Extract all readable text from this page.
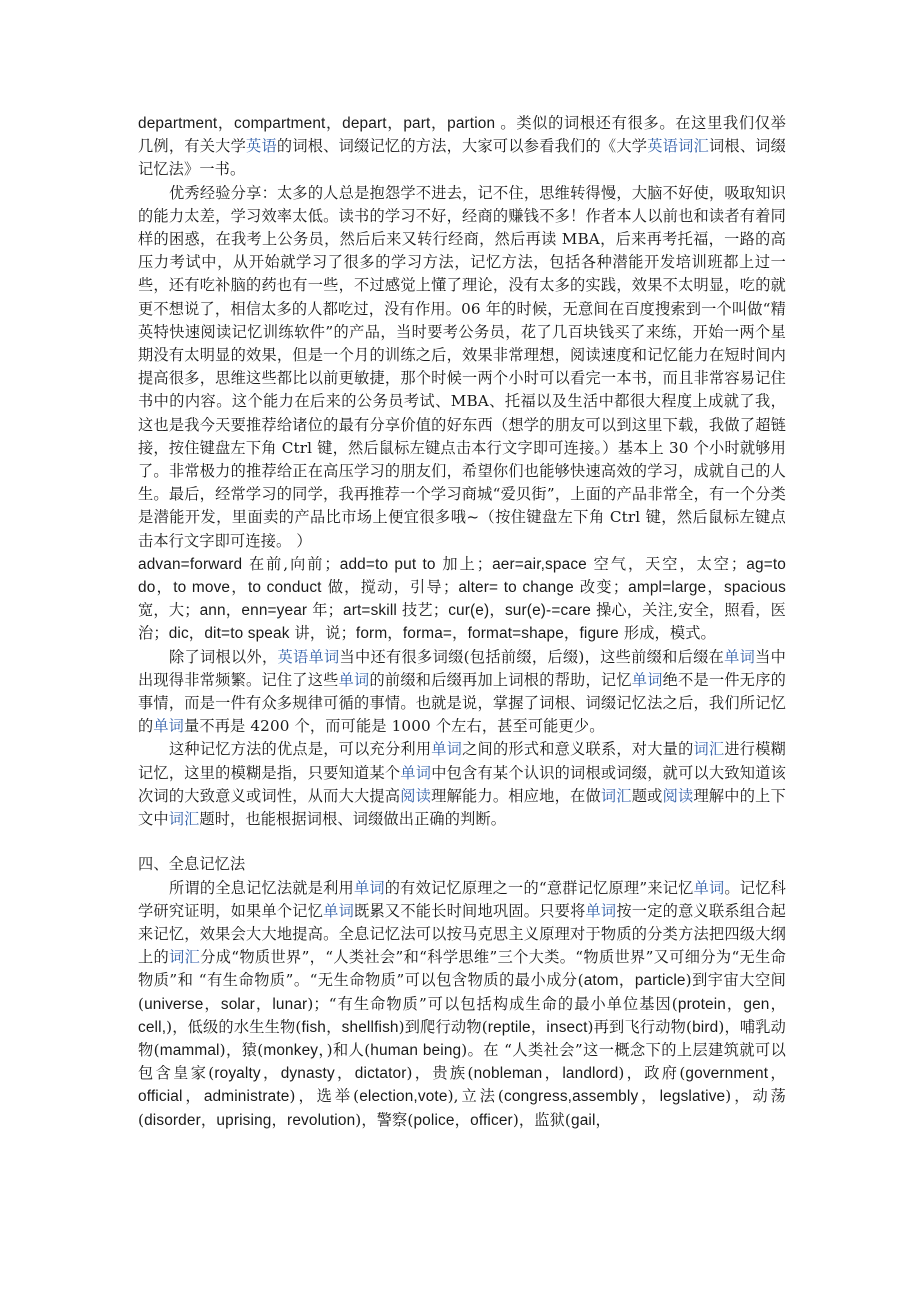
department，compartment，depart，part，partion 。类似的词根还有很多。在这里我们仅举几例，有关大学英语的词根、词缀记忆的方法，大家可以参看我们的《大学英语词汇词根、词缀记忆法》一书。

优秀经验分享：太多的人总是抱怨学不进去，记不住，思维转得慢，大脑不好使，吸取知识的能力太差，学习效率太低。读书的学习不好，经商的赚钱不多！作者本人以前也和读者有着同样的困惑，在我考上公务员，然后后来又转行经商，然后再读 MBA，后来再考托福，一路的高压力考试中，从开始就学习了很多的学习方法，记忆方法，包括各种潜能开发培训班都上过一些，还有吃补脑的药也有一些，不过感觉上懂了理论，没有太多的实践，效果不太明显，吃的就更不想说了，相信太多的人都吃过，没有作用。06 年的时候，无意间在百度搜索到一个叫做“精英特快速阅读记忆训练软件”的产品，当时要考公务员，花了几百块钱买了来练，开始一两个星期没有太明显的效果，但是一个月的训练之后，效果非常理想，阅读速度和记忆能力在短时间内提高很多，思维这些都比以前更敏捷，那个时候一两个小时可以看完一本书，而且非常容易记住书中的内容。这个能力在后来的公务员考试、MBA、托福以及生活中都很大程度上成就了我，这也是我今天要推荐给诸位的最有分享价值的好东西（想学的朋友可以到这里下载，我做了超链接，按住键盘左下角 Ctrl 键，然后鼠标左键点击本行文字即可连接。）基本上 30 个小时就够用了。非常极力的推荐给正在高压学习的朋友们，希望你们也能够快速高效的学习，成就自己的人生。最后，经常学习的同学，我再推荐一个学习商城“爱贝街”，上面的产品非常全，有一个分类是潜能开发，里面卖的产品比市场上便宜很多哦~（按住键盘左下角 Ctrl 键，然后鼠标左键点击本行文字即可连接。 ）

advan=forward 在前,向前；add=to put to 加上；aer=air,space 空气，天空，太空；ag=to do，to move，to conduct 做，搅动，引导；alter= to change 改变；ampl=large，spacious 宽，大；ann，enn=year 年；art=skill 技艺；cur(e)，sur(e)-=care 操心，关注,安全，照看，医治；dic，dit=to speak 讲，说；form，forma=，format=shape，figure 形成，模式。

除了词根以外，英语单词当中还有很多词缀(包括前缀，后缀)，这些前缀和后缀在单词当中出现得非常频繁。记住了这些单词的前缀和后缀再加上词根的帮助，记忆单词绝不是一件无序的事情，而是一件有众多规律可循的事情。也就是说，掌握了词根、词缀记忆法之后，我们所记忆的单词量不再是 4200 个，而可能是 1000 个左右，甚至可能更少。

这种记忆方法的优点是，可以充分利用单词之间的形式和意义联系，对大量的词汇进行模糊记忆，这里的模糊是指，只要知道某个单词中包含有某个认识的词根或词缀，就可以大致知道该次词的大致意义或词性，从而大大提高阅读理解能力。相应地，在做词汇题或阅读理解中的上下文中词汇题时，也能根据词根、词缀做出正确的判断。

四、全息记忆法

所谓的全息记忆法就是利用单词的有效记忆原理之一的“意群记忆原理”来记忆单词。记忆科学研究证明，如果单个记忆单词既累又不能长时间地巩固。只要将单词按一定的意义联系组合起来记忆，效果会大大地提高。全息记忆法可以按马克思主义原理对于物质的分类方法把四级大纲上的词汇分成“物质世界”，“人类社会”和“科学思维”三个大类。“物质世界”又可细分为“无生命物质”和 “有生命物质”。“无生命物质”可以包含物质的最小成分(atom，particle)到宇宙大空间(universe，solar，lunar)；“有生命物质”可以包括构成生命的最小单位基因(protein，gen，cell,)，低级的水生生物(fish，shellfish)到爬行动物(reptile，insect)再到飞行动物(bird)，哺乳动物(mammal)，猿(monkey，)和人(human being)。在 “人类社会”这一概念下的上层建筑就可以包含皇家(royalty，dynasty，dictator)，贵族(nobleman，landlord)，政府(government，official，administrate)，选举(election,vote),立法(congress,assembly，legslative)，动荡(disorder，uprising，revolution)，警察(police，officer)，监狱(gail，
